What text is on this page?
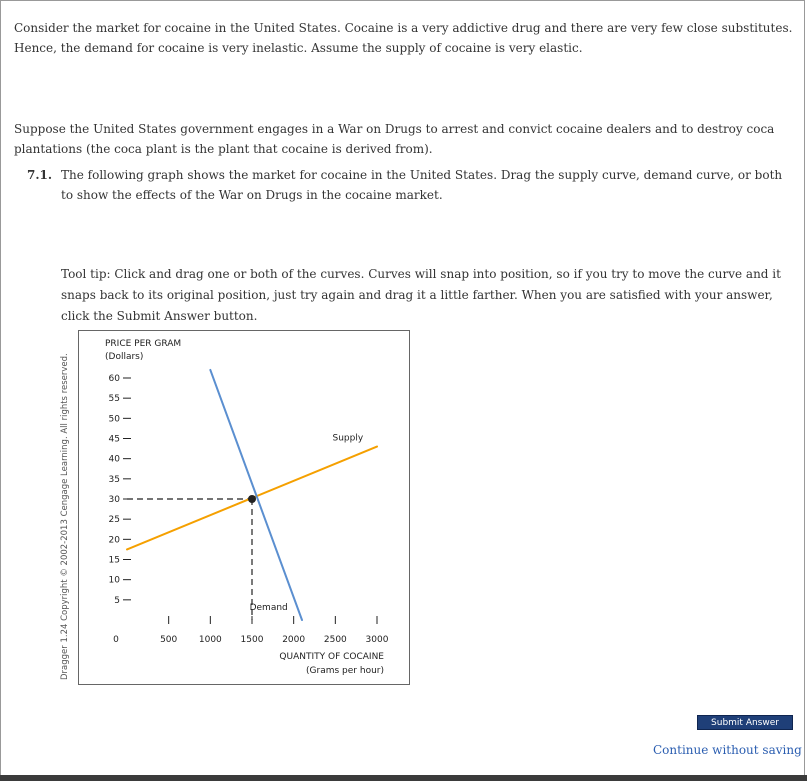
Consider the market for cocaine in the United States. Cocaine is a very addictive drug and there are very few close substitutes. Hence, the demand for cocaine is very inelastic. Assume the supply of cocaine is very elastic.
Suppose the United States government engages in a War on Drugs to arrest and convict cocaine dealers and to destroy coca plantations (the coca plant is the plant that cocaine is derived from).
7.1. The following graph shows the market for cocaine in the United States. Drag the supply curve, demand curve, or both to show the effects of the War on Drugs in the cocaine market.
Tool tip: Click and drag one or both of the curves. Curves will snap into position, so if you try to move the curve and it snaps back to its original position, just try again and drag it a little farther. When you are satisfied with your answer, click the Submit Answer button.
Dragger 1.24 Copyright © 2002-2013 Cengage Learning. All rights reserved.
PRICE PER GRAM
(Dollars)
QUANTITY OF COCAINE
(Grams per hour)
0
5
10
15
20
25
30
35
40
45
50
55
60
500 1000 1500 2000 2500 3000
Supply
Demand
Submit Answer
Continue without saving
